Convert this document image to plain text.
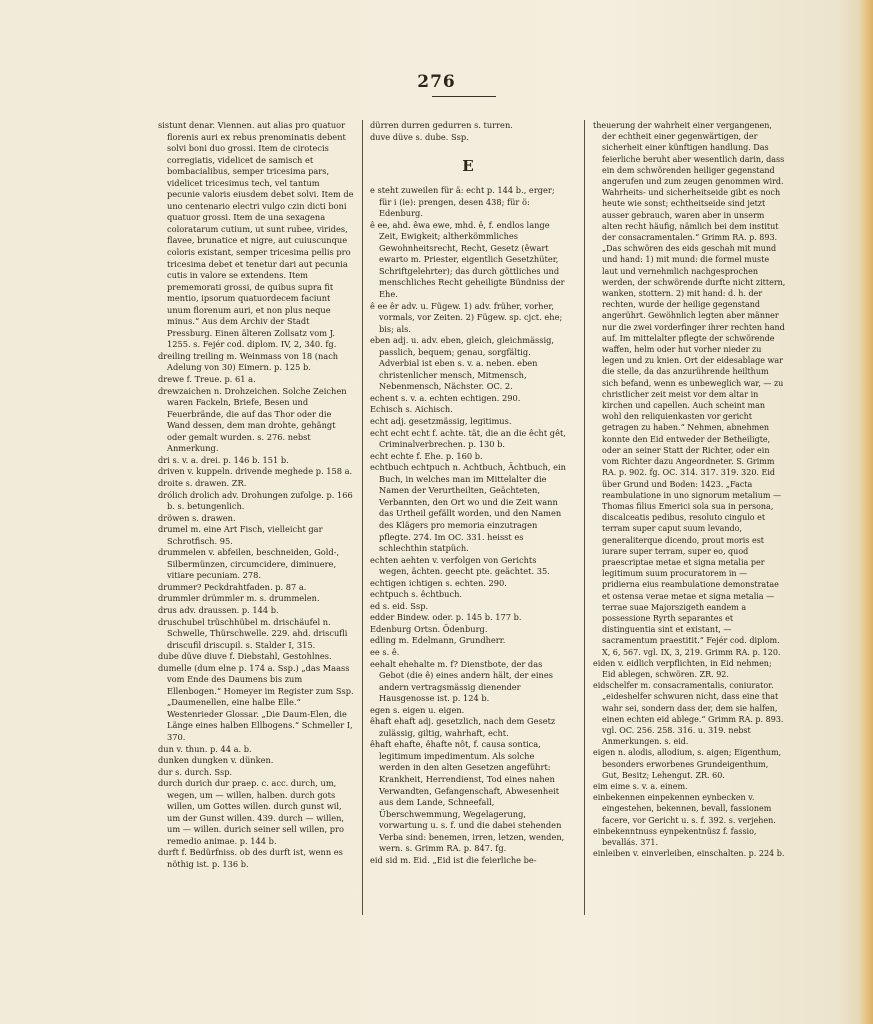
276

sistunt denar. Viennen. aut alias pro quatuor florenis auri ex rebus prenominatis debent solvi boni duo grossi. Item de cirotecis corregiatis, videlicet de samisch et bombacialibus, semper tricesima pars, videlicet tricesimus tech, vel tantum pecunie valoris eiusdem debet solvi. Item de uno centenario electri vulgo czin dicti boni quatuor grossi. Item de una sexagena coloratarum cutium, ut sunt rubee, virides, flavee, brunatice et nigre, aut cuiuscunque coloris existant, semper tricesima pellis pro tricesima debet et tenetur dari aut pecunia cutis in valore se extendens. Item prememorati grossi, de quibus supra fit mentio, ipsorum quatuordecem faciunt unum florenum auri, et non plus neque minus.“ Aus dem Archiv der Stadt Pressburg. Einen älteren Zollsatz vom J. 1255. s. Fejér cod. diplom. IV, 2, 340. fg.

dreiling treiling m. Weinmass von 18 (nach Adelung von 30) Eimern. p. 125 b.

drewe f. Treue. p. 61 a.

drewzaichen n. Drohzeichen. Solche Zeichen waren Fackeln, Briefe, Besen und Feuerbrände, die auf das Thor oder die Wand dessen, dem man drohte, gehängt oder gemalt wurden. s. 276. nebst Anmerkung.

dri s. v. a. drei. p. 146 b. 151 b.

driven v. kuppeln. drivende meghede p. 158 a.

droite s. drawen. ZR.

drólich drolich adv. Drohungen zufolge. p. 166 b. s. betungenlich.

dröwen s. drawen.

drumel m. eine Art Fisch, vielleicht gar Schrotfisch. 95.

drummelen v. abfeilen, beschneiden, Gold-, Silbermünzen, circumcidere, diminuere, vitiare pecuniam. 278.

drummer? Peckdrahtfaden. p. 87 a.

drummler drümmler m. s. drummelen.

drus adv. draussen. p. 144 b.

druschubel trüschhübel m. drischäufel n. Schwelle, Thürschwelle. 229. ahd. driscufli driscufil driscupil. s. Stalder I, 315.

dube düve diuve f. Diebstahl, Gestohlnes.

dumelle (dum elne p. 174 a. Ssp.) „das Maass vom Ende des Daumens bis zum Ellenbogen.“ Homeyer im Register zum Ssp. „Daumenellen, eine halbe Elle.“ Westenrieder Glossar. „Die Daum-Elen, die Länge eines halben Ellbogens.“ Schmeller I, 370.

dun v. thun. p. 44 a. b.

dunken dungken v. dünken.

dur s. durch. Ssp.

durch durich dur praep. c. acc. durch, um, wegen, um — willen, halben. durch gots willen, um Gottes willen. durch gunst wil, um der Gunst willen. 439. durch — willen, um — willen. durich seiner sell willen, pro remedio animae. p. 144 b.

durft f. Bedürfniss. ob des durft ist, wenn es nöthig ist. p. 136 b.

dürren durren gedurren s. turren.

duve düve s. dube. Ssp.

E

e steht zuweilen für ä: echt p. 144 b., erger; für i (ie): prengen, desen 438; für ö: Edenburg.

ê ee, ahd. êwa ewe, mhd. ê, f. endlos lange Zeit, Ewigkeit; altherkömmliches Gewohnheitsrecht, Recht, Gesetz (êwart ewarto m. Priester, eigentlich Gesetzhüter, Schriftgelehrter); das durch göttliches und menschliches Recht geheiligte Bündniss der Ehe.

ê ee êr adv. u. Fügew. 1) adv. früher, vorher, vormals, vor Zeiten. 2) Fügew. sp. cjct. ehe; bis; als.

eben adj. u. adv. eben, gleich, gleichmässig, passlich, bequem; genau, sorgfältig. Adverbial ist eben s. v. a. neben. eben christenlicher mensch, Mitmensch, Nebenmensch, Nächster. OC. 2.

echent s. v. a. echten echtigen. 290.

Echisch s. Aichisch.

echt adj. gesetzmässig, legitimus.

echt echt echt f. achte. tät, die an die êcht gêt, Criminalverbrechen. p. 130 b.

echt echte f. Ehe. p. 160 b.

echtbuch echtpuch n. Achtbuch, Ächtbuch, ein Buch, in welches man im Mittelalter die Namen der Verurtheilten, Geächteten, Verbannten, den Ort wo und die Zeit wann das Urtheil gefällt worden, und den Namen des Klägers pro memoria einzutragen pflegte. 274. Im OC. 331. heisst es schlechthin statpüch.

echten aehten v. verfolgen von Gerichts wegen, ächten. geecht pte. geächtet. 35.

echtigen ichtigen s. echten. 290.

echtpuch s. êchtbuch.

ed s. eid. Ssp.

edder Bindew. oder. p. 145 b. 177 b.

Edenburg Ortsn. Ödenburg.

edling m. Edelmann, Grundherr.

ee s. ê.

eehalt ehehalte m. f? Dienstbote, der das Gebot (die ê) eines andern hält, der eines andern vertragsmässig dienender Hausgenosse ist. p. 124 b.

egen s. eigen u. eigen.

êhaft ehaft adj. gesetzlich, nach dem Gesetz zulässig, giltig, wahrhaft, echt.

êhaft ehafte, êhafte nôt, f. causa sontica, legitimum impedimentum. Als solche werden in den alten Gesetzen angeführt: Krankheit, Herrendienst, Tod eines nahen Verwandten, Gefangenschaft, Abwesenheit aus dem Lande, Schneefall, Überschwemmung, Wegelagerung, vorwartung u. s. f. und die dabei stehenden Verba sind: benemen, irren, letzen, wenden, wern. s. Grimm RA. p. 847. fg.

eid sid m. Eid. „Eid ist die feierliche be-

theuerung der wahrheit einer vergangenen, der echtheit einer gegenwärtigen, der sicherheit einer künftigen handlung. Das feierliche beruht aber wesentlich darin, dass ein dem schwörenden heiliger gegenstand angerufen und zum zeugen genommen wird. Wahrheits- und sicherheitseide gibt es noch heute wie sonst; echtheitseide sind jetzt ausser gebrauch, waren aber in unserm alten recht häufig, nämlich bei dem institut der consacramentalen.“ Grimm RA. p. 893. „Das schwören des eids geschah mit mund und hand: 1) mit mund: die formel muste laut und vernehmlich nachgesprochen werden, der schwörende durfte nicht zittern, wanken, stottern. 2) mit hand: d. h. der rechten, wurde der heilige gegenstand angerührt. Gewöhnlich legten aber männer nur die zwei vorderfinger ihrer rechten hand auf. Im mittelalter pflegte der schwörende waffen, helm oder hut vorher nieder zu legen und zu knien. Ort der eidesablage war die stelle, da das anzurührende heilthum sich befand, wenn es unbeweglich war, — zu christlicher zeit meist vor dem altar in kirchen und capellen. Auch scheint man wohl den reliquienkasten vor gericht getragen zu haben.“ Nehmen, abnehmen konnte den Eid entweder der Betheiligte, oder an seiner Statt der Richter, oder ein vom Richter dazu Angeordneter. S. Grimm RA. p. 902. fg. OC. 314. 317. 319. 320. Eid über Grund und Boden: 1423. „Facta reambulatione in uno signorum metalium — Thomas filius Emerici sola sua in persona, discalceatis pedibus, resoluto cingulo et terram super caput suum levando, generaliterque dicendo, prout moris est iurare super terram, super eo, quod praescriptae metae et signa metalia per legitimum suum procuratorem in — pridierna eius reambulatione demonstratae et ostensa verae metae et signa metalia — terrae suae Majorszigeth eandem a possessione Ryrth separantes et distinguentia sint et existant, — sacramentum praestitit.“ Fejér cod. diplom. X, 6, 567. vgl. IX, 3, 219. Grimm RA. p. 120.

eiden v. eidlich verpflichten, in Eid nehmen; Eid ablegen, schwören. ZR. 92.

eidschelfer m. consacramentalis, coniurator. „eideshelfer schwuren nicht, dass eine that wahr sei, sondern dass der, dem sie halfen, einen echten eid ablege.“ Grimm RA. p. 893. vgl. OC. 256. 258. 316. u. 319. nebst Anmerkungen. s. eid.

eigen n. alodis, allodium, s. aigen; Eigenthum, besonders erworbenes Grundeigenthum, Gut, Besitz; Lehengut. ZR. 60.

eim eime s. v. a. einem.

einbekennen einpekennen eynbecken v. eingestehen, bekennen, bevall, fassionem facere, vor Gericht u. s. f. 392. s. verjehen.

einbekenntnuss eynpekentnüsz f. fassio, bevallás. 371.

einleiben v. einverleiben, einschalten. p. 224 b.
